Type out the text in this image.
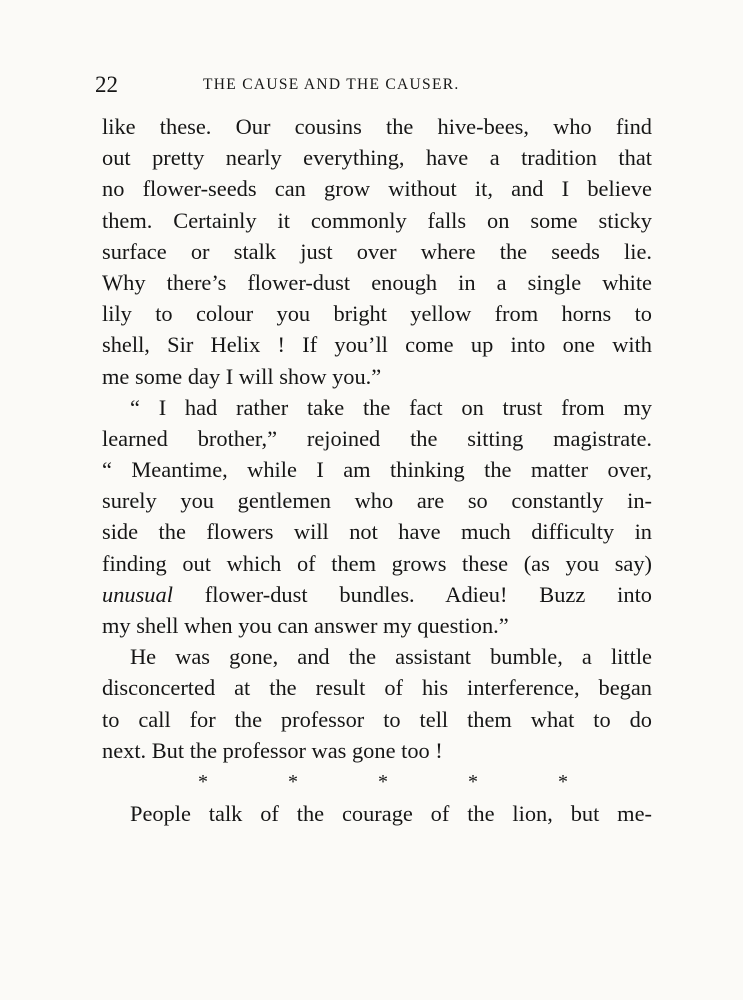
22	THE CAUSE AND THE CAUSER.
like these. Our cousins the hive-bees, who find
out pretty nearly everything, have a tradition that
no flower-seeds can grow without it, and I believe
them. Certainly it commonly falls on some sticky
surface or stalk just over where the seeds lie.
Why there’s flower-dust enough in a single white
lily to colour you bright yellow from horns to
shell, Sir Helix ! If you’ll come up into one with
me some day I will show you.”
“ I had rather take the fact on trust from my
learned brother,” rejoined the sitting magistrate.
“ Meantime, while I am thinking the matter over,
surely you gentlemen who are so constantly in-
side the flowers will not have much difficulty in
finding out which of them grows these (as you say)
unusual flower-dust bundles. Adieu! Buzz into
my shell when you can answer my question.”
He was gone, and the assistant bumble, a little
disconcerted at the result of his interference, began
to call for the professor to tell them what to do
next. But the professor was gone too !
*	*	*	*	*
People talk of the courage of the lion, but me-
